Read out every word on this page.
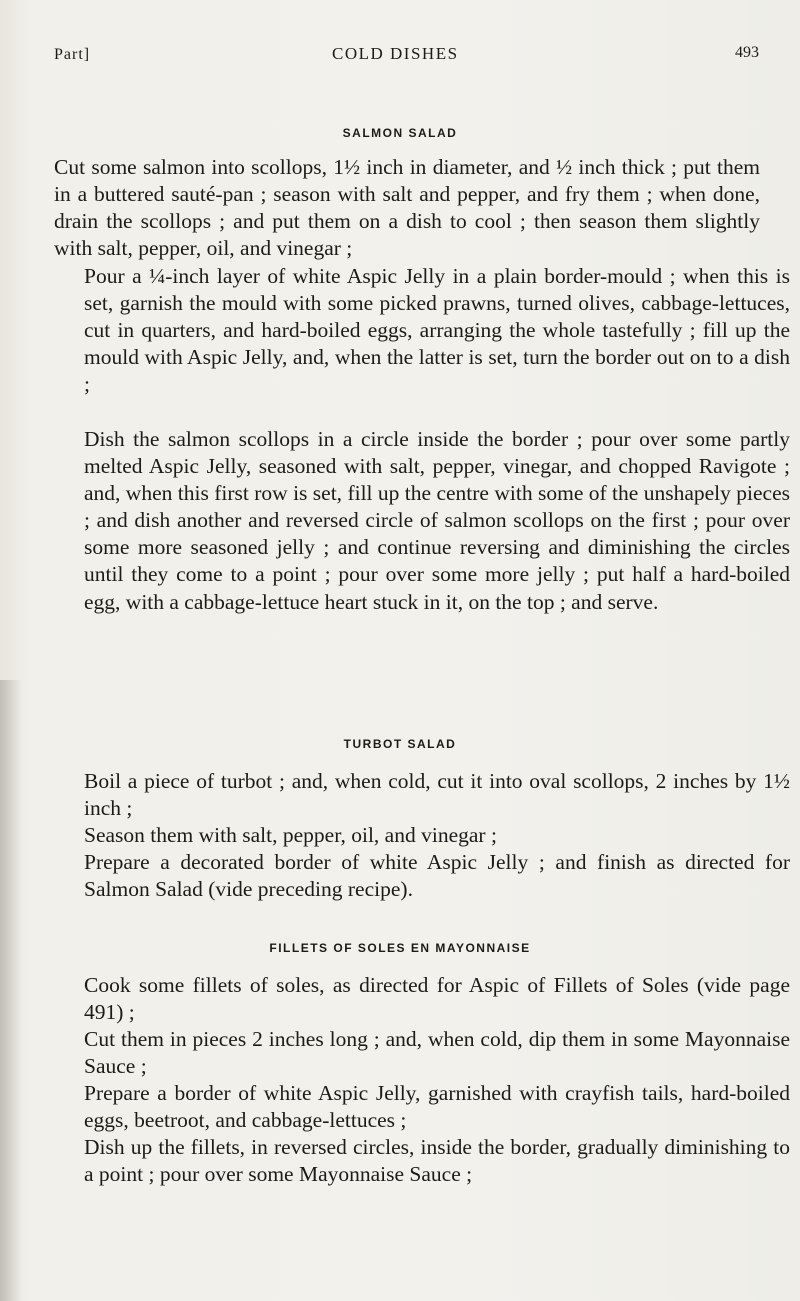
Part]	COLD DISHES	493
SALMON SALAD
Cut some salmon into scollops, 1½ inch in diameter, and ½ inch thick ; put them in a buttered sauté-pan ; season with salt and pepper, and fry them ; when done, drain the scollops ; and put them on a dish to cool ; then season them slightly with salt, pepper, oil, and vinegar ;
Pour a ¼-inch layer of white Aspic Jelly in a plain border-mould ; when this is set, garnish the mould with some picked prawns, turned olives, cabbage-lettuces, cut in quarters, and hard-boiled eggs, arranging the whole tastefully ; fill up the mould with Aspic Jelly, and, when the latter is set, turn the border out on to a dish ;
Dish the salmon scollops in a circle inside the border ; pour over some partly melted Aspic Jelly, seasoned with salt, pepper, vinegar, and chopped Ravigote ; and, when this first row is set, fill up the centre with some of the unshapely pieces ; and dish another and reversed circle of salmon scollops on the first ; pour over some more seasoned jelly ; and continue reversing and diminishing the circles until they come to a point ; pour over some more jelly ; put half a hard-boiled egg, with a cabbage-lettuce heart stuck in it, on the top ; and serve.
TURBOT SALAD
Boil a piece of turbot ; and, when cold, cut it into oval scollops, 2 inches by 1½ inch ;
Season them with salt, pepper, oil, and vinegar ;
Prepare a decorated border of white Aspic Jelly ; and finish as directed for Salmon Salad (vide preceding recipe).
FILLETS OF SOLES EN MAYONNAISE
Cook some fillets of soles, as directed for Aspic of Fillets of Soles (vide page 491) ;
Cut them in pieces 2 inches long ; and, when cold, dip them in some Mayonnaise Sauce ;
Prepare a border of white Aspic Jelly, garnished with crayfish tails, hard-boiled eggs, beetroot, and cabbage-lettuces ;
Dish up the fillets, in reversed circles, inside the border, gradually diminishing to a point ; pour over some Mayonnaise Sauce ;
